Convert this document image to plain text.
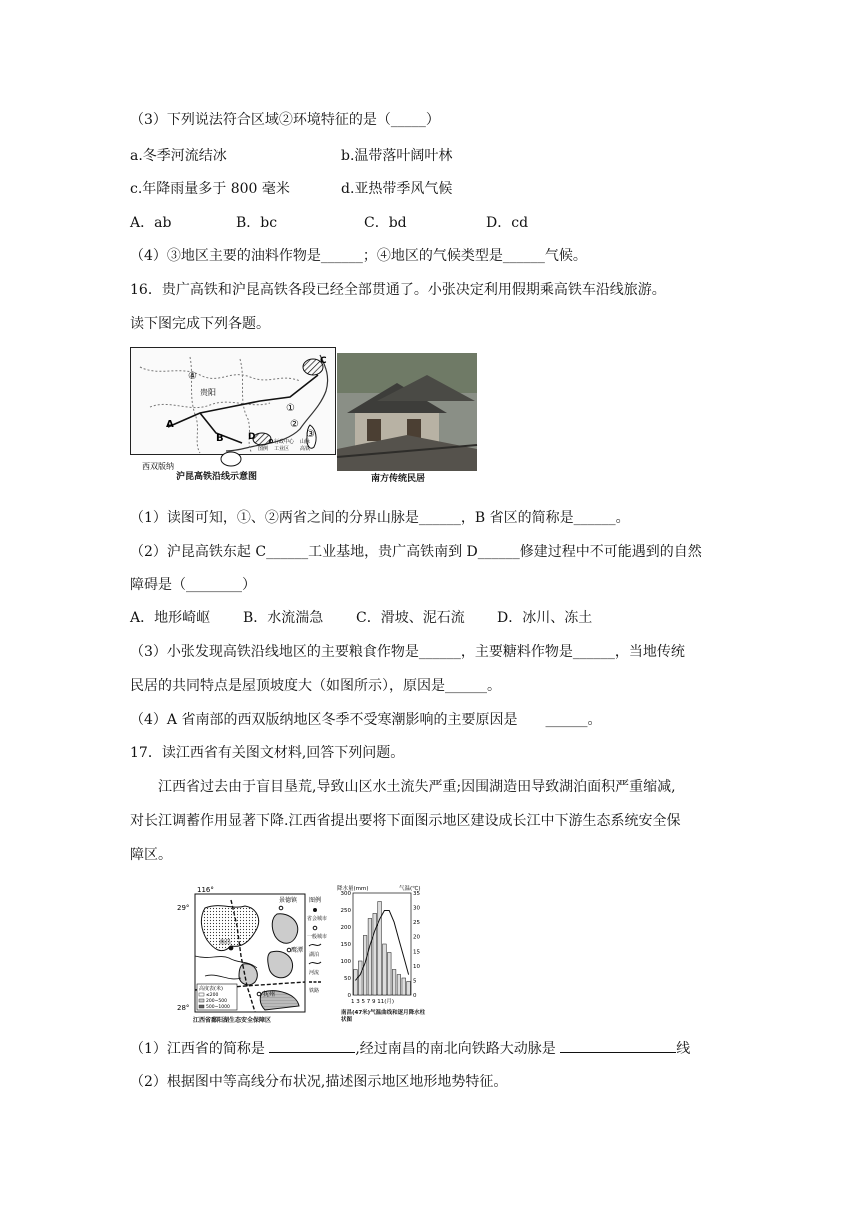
（3）下列说法符合区域②环境特征的是（_____）
a.冬季河流结冰	b.温带落叶阔叶林
c.年降雨量多于 800 毫米	d.亚热带季风气候
A．ab	B．bc	C．bd	D．cd
（4）③地区主要的油料作物是______；④地区的气候类型是______气候。
16．贵广高铁和沪昆高铁各段已经全部贯通了。小张决定利用假期乘高铁车沿线旅游。
读下图完成下列各题。
贵阳
A
B
C
D
①
②
③
④
西双版纳
图例
行政中心
工业区
山脉
高铁
沪昆高铁沿线示意图	南方传统民居
（1）读图可知，①、②两省之间的分界山脉是______，B 省区的简称是______。
（2）沪昆高铁东起 C______工业基地，贵广高铁南到 D______修建过程中不可能遇到的自然
障碍是（________）
A．地形崎岖 B．水流湍急 C．滑坡、泥石流 D．冰川、冻土
（3）小张发现高铁沿线地区的主要粮食作物是______，主要糖料作物是______，当地传统
民居的共同特点是屋顶坡度大（如图所示），原因是______。
（4）A 省南部的西双版纳地区冬季不受寒潮影响的主要原因是　　______。
17．读江西省有关图文材料,回答下列问题。
江西省过去由于盲目垦荒,导致山区水土流失严重;因围湖造田导致湖泊面积严重缩减,
对长江调蓄作用显著下降.江西省提出要将下面图示地区建设成长江中下游生态系统安全保
障区。
116°
29°
28°
景德镇
南昌
抚州
鹰潭
高度表(米)
≤200
200~500
500~1000
图例
省会城市
一般城市
湖泊
河流
铁路
江西省鄱阳湖生态安全保障区
降水量(mm)	气温(℃)
0
50
100
150
200
250
300
0
5
10
15
20
25
30
35
1 3 5 7 9 11(月)
南昌(47米)气温曲线和逐月降水柱状图
（1）江西省的简称是	,经过南昌的南北向铁路大动脉是	线
（2）根据图中等高线分布状况,描述图示地区地形地势特征。
